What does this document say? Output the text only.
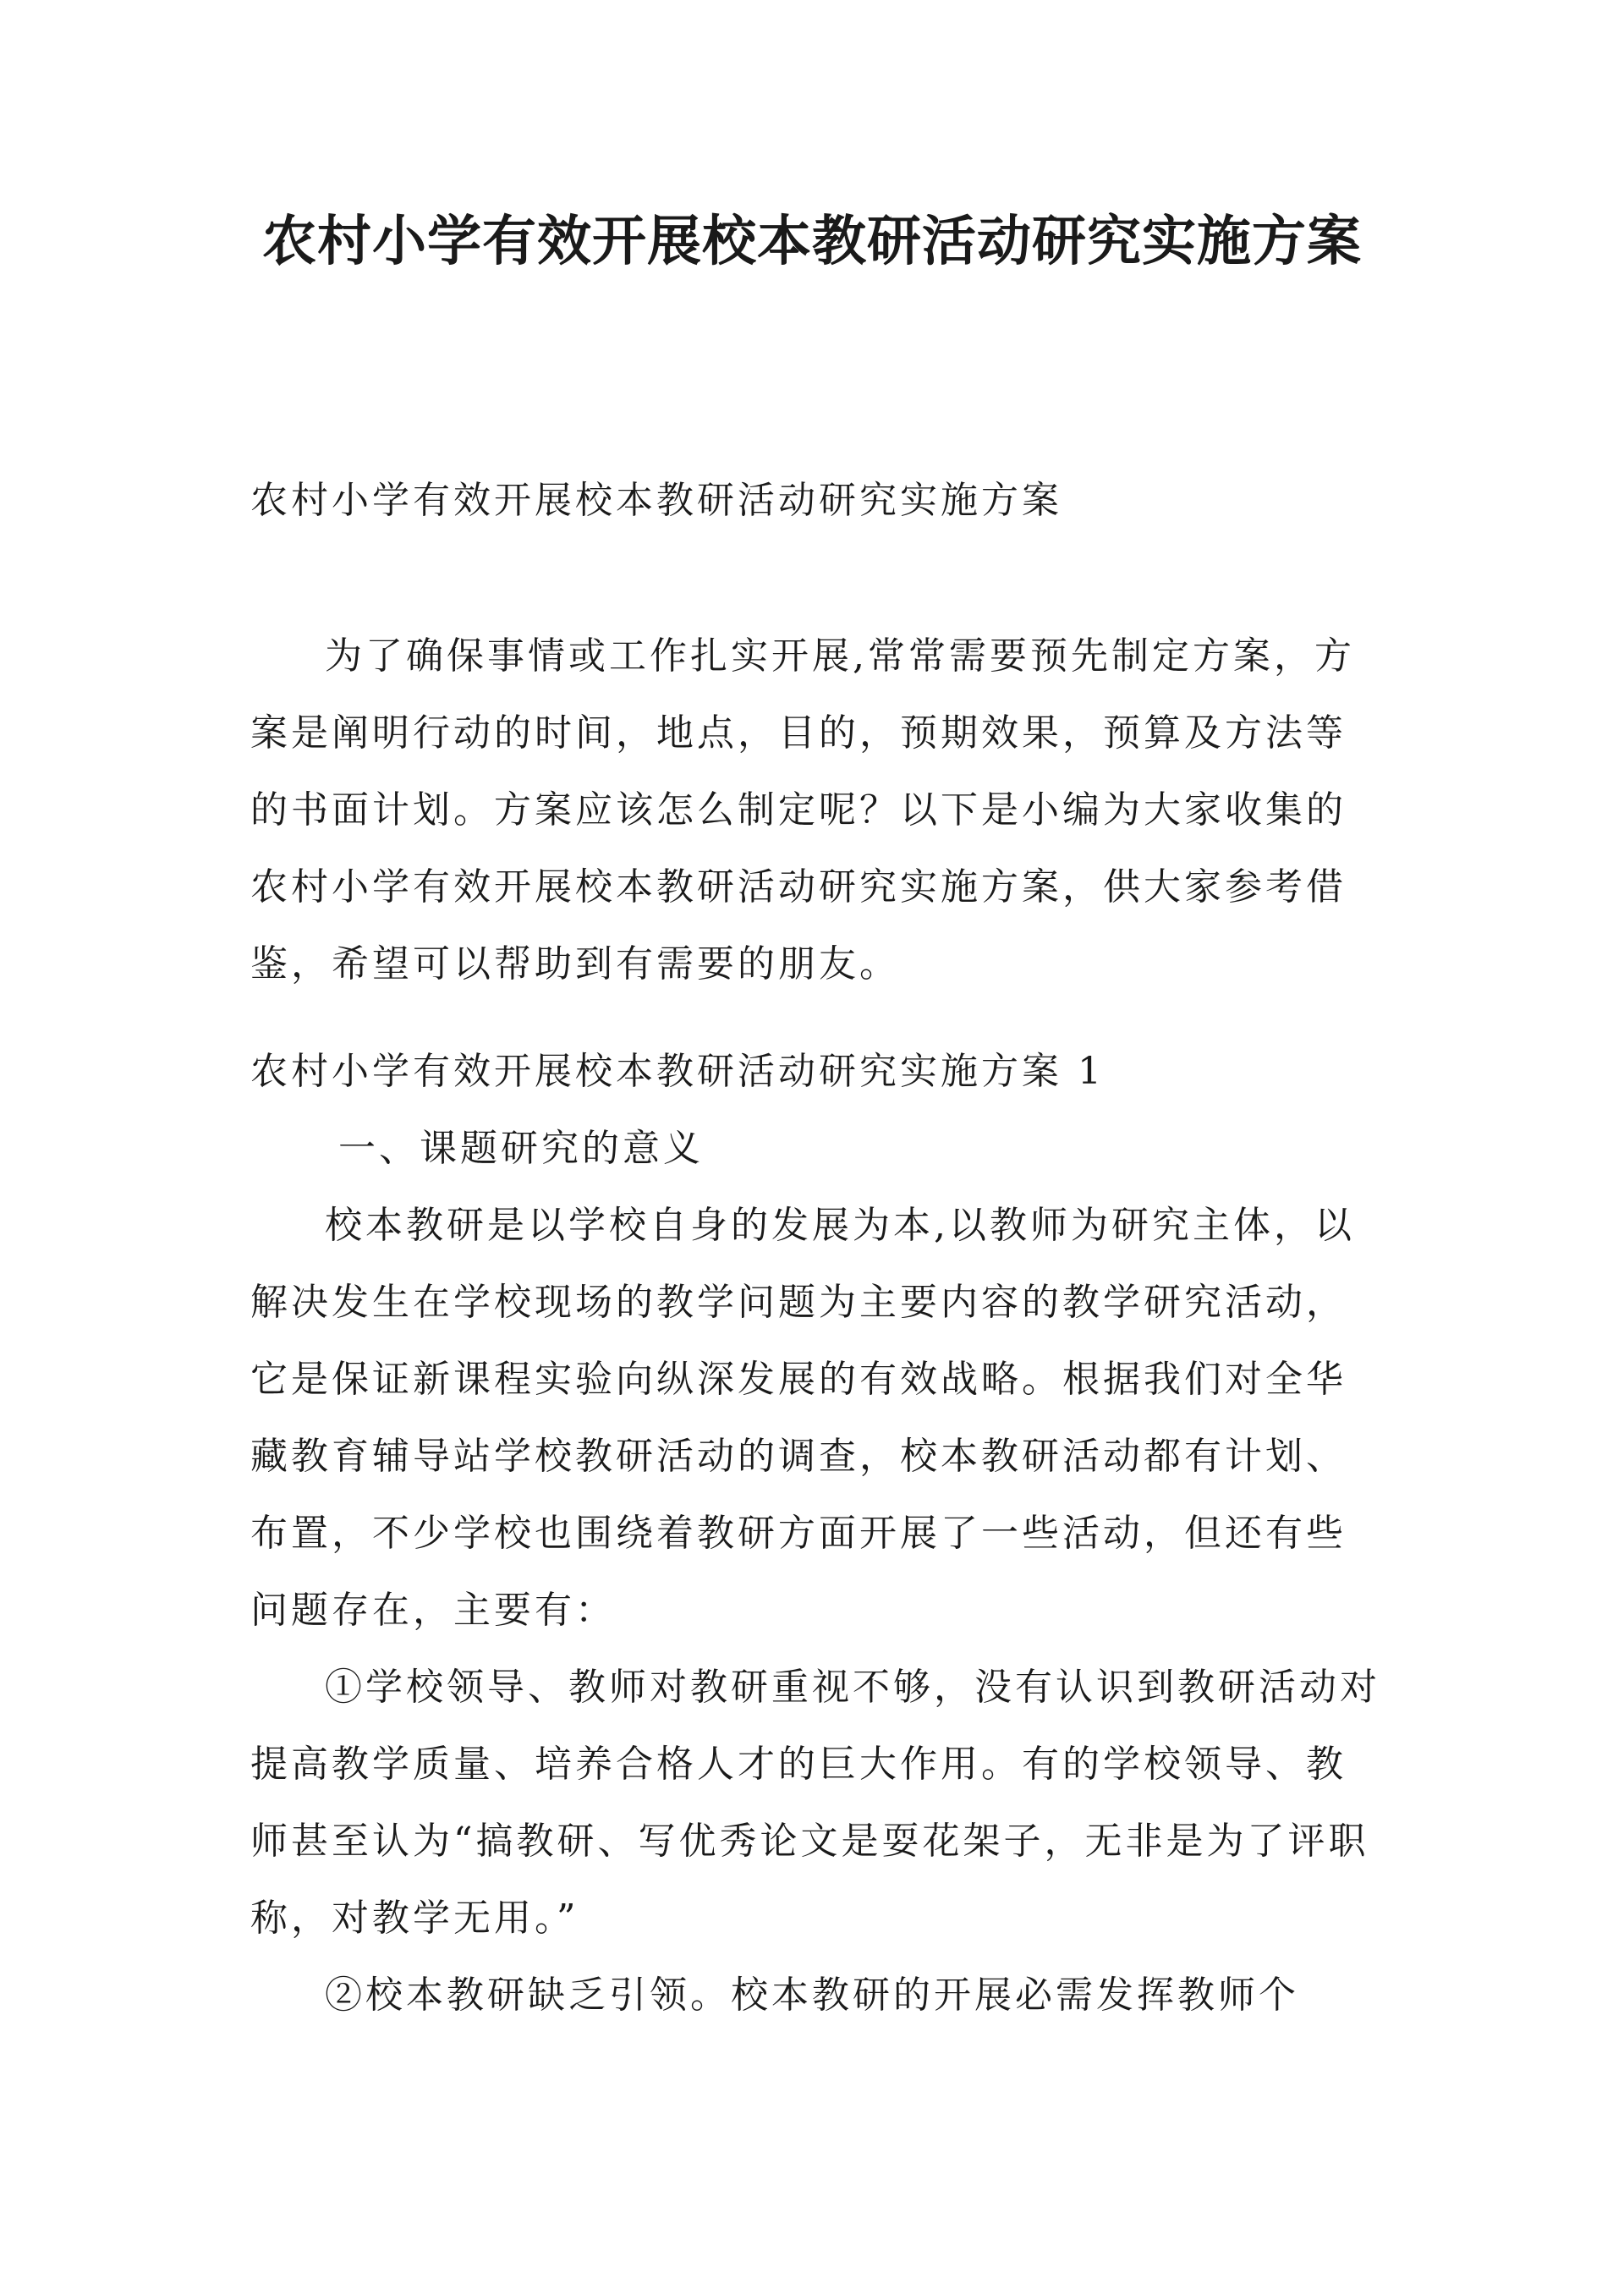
农村小学有效开展校本教研活动研究实施方案

农村小学有效开展校本教研活动研究实施方案

为了确保事情或工作扎实开展,常常需要预先制定方案，方案是阐明行动的时间，地点，目的，预期效果，预算及方法等的书面计划。方案应该怎么制定呢？以下是小编为大家收集的农村小学有效开展校本教研活动研究实施方案，供大家参考借鉴，希望可以帮助到有需要的朋友。

农村小学有效开展校本教研活动研究实施方案 1

一、课题研究的意义

校本教研是以学校自身的发展为本,以教师为研究主体，以解决发生在学校现场的教学问题为主要内容的教学研究活动，它是保证新课程实验向纵深发展的有效战略。根据我们对全华藏教育辅导站学校教研活动的调查，校本教研活动都有计划、布置，不少学校也围绕着教研方面开展了一些活动，但还有些问题存在，主要有：

①学校领导、教师对教研重视不够，没有认识到教研活动对提高教学质量、培养合格人才的巨大作用。有的学校领导、教师甚至认为“搞教研、写优秀论文是耍花架子，无非是为了评职称，对教学无用。”

②校本教研缺乏引领。校本教研的开展必需发挥教师个
